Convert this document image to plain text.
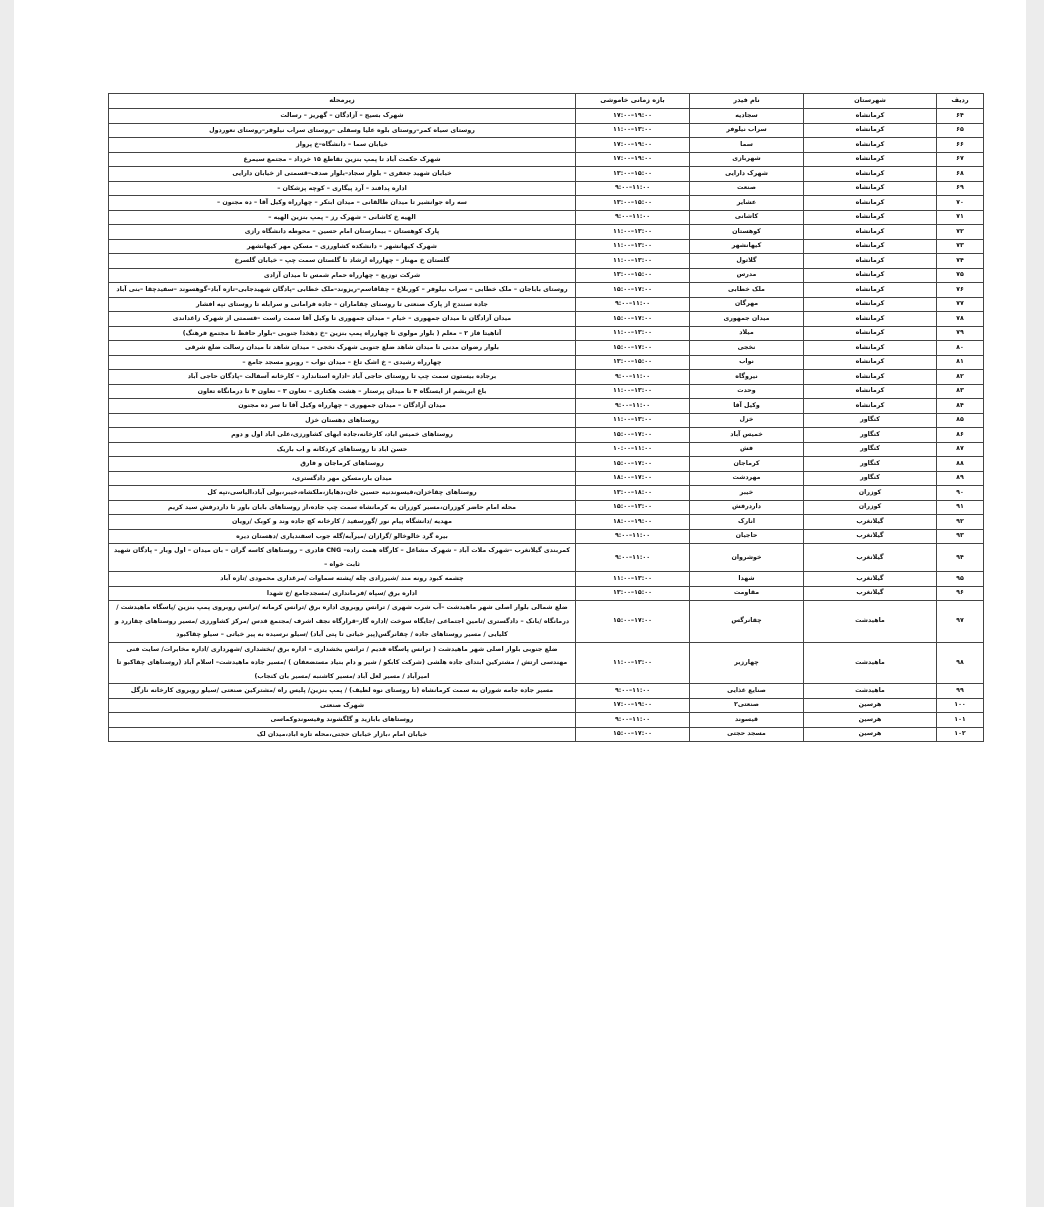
ردیف	شهرستان	نام فیدر	بازه زمانی خاموشی	زیرمحله
۶۴	کرمانشاه	سجادیه	۱۷:۰۰–۱۹:۰۰	شهرک بسیج – آزادگان – گهریز – رسالت
۶۵	کرمانشاه	سراب نیلوفر	۱۱:۰۰–۱۳:۰۰	روستای سیاه کمر–روستای بلوه علیا وسفلی –روستای سراب نیلوفر–روستای نعوردول
۶۶	کرمانشاه	سما	۱۷:۰۰–۱۹:۰۰	خیابان سما – دانشگاه–خ پرواز
۶۷	کرمانشاه	شهربازی	۱۷:۰۰–۱۹:۰۰	شهرک حکمت آباد تا پمپ بنزین تقاطع ۱۵ خرداد – مجتمع سیمرغ
۶۸	کرمانشاه	شهرک دارایی	۱۳:۰۰–۱۵:۰۰	خیابان شهید جعفری – بلوار سجاد–بلوار صدف–قسمتی از خیابان دارایی
۶۹	کرمانشاه	صنعت	۹:۰۰–۱۱:۰۰	اداره پدافند – آرد پیگاری – کوچه پزشکان –
۷۰	کرمانشاه	عشایر	۱۳:۰۰–۱۵:۰۰	سه راه جوانشیر تا میدان طالقانی – میدان ابتکر – چهارراه وکیل آقا – ده مجنون –
۷۱	کرمانشاه	کاشانی	۹:۰۰–۱۱:۰۰	الهیه خ کاشانی – شهرک رز – پمپ بنزین الهیه –
۷۲	کرمانشاه	کوهستان	۱۱:۰۰–۱۳:۰۰	پارک کوهستان – بیمارستان امام حسین – محوطه دانشگاه رازی
۷۳	کرمانشاه	کیهانشهر	۱۱:۰۰–۱۳:۰۰	شهرک کیهانشهر – دانشکده کشاورزی – مسکن مهر کیهانشهر
۷۴	کرمانشاه	گلاتول	۱۱:۰۰–۱۳:۰۰	گلستان خ مهناز – چهارراه ارشاد تا گلستان سمت چپ – خیابان گلسرخ
۷۵	کرمانشاه	مدرس	۱۳:۰۰–۱۵:۰۰	شرکت توزیع – چهارراه حمام شمس تا میدان آزادی
۷۶	کرمانشاه	ملک خطابی	۱۵:۰۰–۱۷:۰۰	روستای باباجان – ملک خطابی – سراب نیلوفر – کوربلاغ – چقاقاسم–ریزوند–ملک خطابی –پادگان شهیدجابی–تازه آباد–گوهسوند –سفیدچقا –بنی آباد
۷۷	کرمانشاه	مهرگان	۹:۰۰–۱۱:۰۰	جاده سنندج از پارک صنعتی تا روستای چقاماران – جاده فرامانی و سرابله تا روستای تپه افشار
۷۸	کرمانشاه	میدان جمهوری	۱۵:۰۰–۱۷:۰۰	میدان آزادگان تا میدان جمهوری – خیام – میدان جمهوری تا وکیل آقا سمت راست –قسمتی از شهرک زاغداندی
۷۹	کرمانشاه	میلاد	۱۱:۰۰–۱۳:۰۰	آتاهیتا فاز ۲ – معلم ( بلوار مولوی تا چهارراه پمپ بنزین –خ دهخدا جنوبی –بلوار حافظ تا مجتمع فرهنگ)
۸۰	کرمانشاه	نخجی	۱۵:۰۰–۱۷:۰۰	بلوار رضوان مدنی تا میدان شاهد ضلع جنوبی شهرک نخجی – میدان شاهد تا میدان رسالت ضلع شرقی
۸۱	کرمانشاه	نواب	۱۳:۰۰–۱۵:۰۰	چهارراه رشیدی – خ اشک تاغ – میدان نواب – روبرو مسجد جامع –
۸۲	کرمانشاه	نیروگاه	۹:۰۰–۱۱:۰۰	برجاده بیستون سمت چپ تا روستای حاجی آباد –اداره استاندارد – کارخانه آسفالت –پادگان حاجی آباد
۸۳	کرمانشاه	وحدت	۱۱:۰۰–۱۳:۰۰	باغ ابریشم از ایستگاه ۴ تا میدان پرستار – هشت هکتاری – تعاون ۳ – تعاون ۴ تا درمانگاه تعاون
۸۴	کرمانشاه	وکیل آقا	۹:۰۰–۱۱:۰۰	میدان آزادگان – میدان جمهوری – چهارراه وکیل آقا تا سر ده مجنون
۸۵	کنگاور	خزل	۱۱:۰۰–۱۳:۰۰	روستاهای دهستان خزل
۸۶	کنگاور	خمیس آباد	۱۵:۰۰–۱۷:۰۰	روستاهای خمیس اباد، کارخانه،جاده ابهای کشاورزی،علی اباد اول و دوم
۸۷	کنگاور	فش	۱۰:۰۰–۱۱:۰۰	حسن اباد تا روستاهای کردکانه و اب باریک
۸۸	کنگاور	کرماجان	۱۵:۰۰–۱۷:۰۰	روستاهای کرماجان و فارق
۸۹	کنگاور	مهردشت	۱۸:۰۰–۱۷:۰۰	میدان بار،مسکن مهر دادگستری،
۹۰	کوزران	خیبر	۱۳:۰۰–۱۸:۰۰	روستاهای چقاخزان،قیسوندنیه حسین خان،دهایاز،ملکشاه،خیبر،بولی آباد،الیاسی،تپه کل
۹۱	کوزران	داردرفش	۱۵:۰۰–۱۳:۰۰	محله امام حاضر کوزران،مسیر کوزران به کرمانشاه سمت چپ جاده،از روستاهای بابان باور تا داردرفش سید کریم
۹۲	گیلانغرب	انارک	۱۸:۰۰–۱۹:۰۰	مهدیه /دانشگاه پیام نور /گورسفید / کارخانه کچ جاده وند و کوبک /رویان
۹۳	گیلانغرب	حاجیان	۹:۰۰–۱۱:۰۰	بیره گرد خالوخالو /گرازان /میرآبه/گله جوب اسفندیاری /دهستان دیره
۹۴	گیلانغرب	خوشروان	۹:۰۰–۱۱:۰۰	کمربندی گیلانغرب –شهرک ملات آباد – شهرک مشاغل – کارگاه همت زاده– CNG قادری – روستاهای کاسه گران – بان میدان – اول وبار – پادگان شهید ثابت خواه –
۹۵	گیلانغرب	شهدا	۱۱:۰۰–۱۳:۰۰	چشمه کبود رونه مند /شیرزادی چله /پشته سماوات /مرغداری محمودی /تازه آباد
۹۶	گیلانغرب	مقاومت	۱۳:۰۰–۱۵:۰۰	اداره برق /سپاه /فرمانداری /مسجدجامع /خ شهدا
۹۷	ماهیدشت	چقانرگس	۱۵:۰۰–۱۷:۰۰	ضلع شمالی بلوار اصلی شهر ماهیدشت –آب شرب شهری / ترانس روبروی اداره برق /ترانس کرمانه /ترانس روبروی پمپ بنزین /پاسگاه ماهیدشت / درمانگاه /بانک – دادگستری /تامین اجتماعی /جایگاه سوخت /اداره گاز–قرارگاه نجف اشرف /مجتمع قدس /مرکز کشاورزی /مسیر روستاهای چقازرد و کلیایی / مسیر روستاهای جاده / چقانرگس(پیر خیاتی تا پتی آباد) /سیلو نرسیده به پیر خیاتی – سیلو چقاکبود
۹۸	ماهیدشت	چهارزبر	۱۱:۰۰–۱۳:۰۰	ضلع جنوبی بلوار اصلی شهر ماهیدشت ( ترانس پاسگاه قدیم / ترانس بخشداری – اداره برق /بخشداری /شهرداری /اداره مخابرات/ سایت فنی مهندسی ارتش / مشترکین ابتدای جاده هلشی (شرکت کابکو / شیر و دام بنیاد مستضعفان ) /مسیر جاده ماهیدشت– اسلام آباد (روستاهای چقاکبو تا امیرآباد / مسیر لعل آباد /مسیر کاشنبه /مسیر بان کنجاب)
۹۹	ماهیدشت	صنایع غذایی	۹:۰۰–۱۱:۰۰	مسیر جاده جامه شوران به سمت کرمانشاه (تا روستای نوه لطیف) / پمپ بنزین/ پلیس راه /مشترکین صنعتی /سیلو روبروی کارخانه نازگل
۱۰۰	هرسین	صنعتی۲	۱۷:۰۰–۱۹:۰۰	شهرک صنعتی
۱۰۱	هرسین	قیسوند	۹:۰۰–۱۱:۰۰	روستاهای بابازید و گلگشوند وقیسوندوکماسی
۱۰۲	هرسین	مسجد حجتی	۱۵:۰۰–۱۷:۰۰	خیابان امام ،بازار خیابان حجتی،محله تازه اباد،میدان لک
